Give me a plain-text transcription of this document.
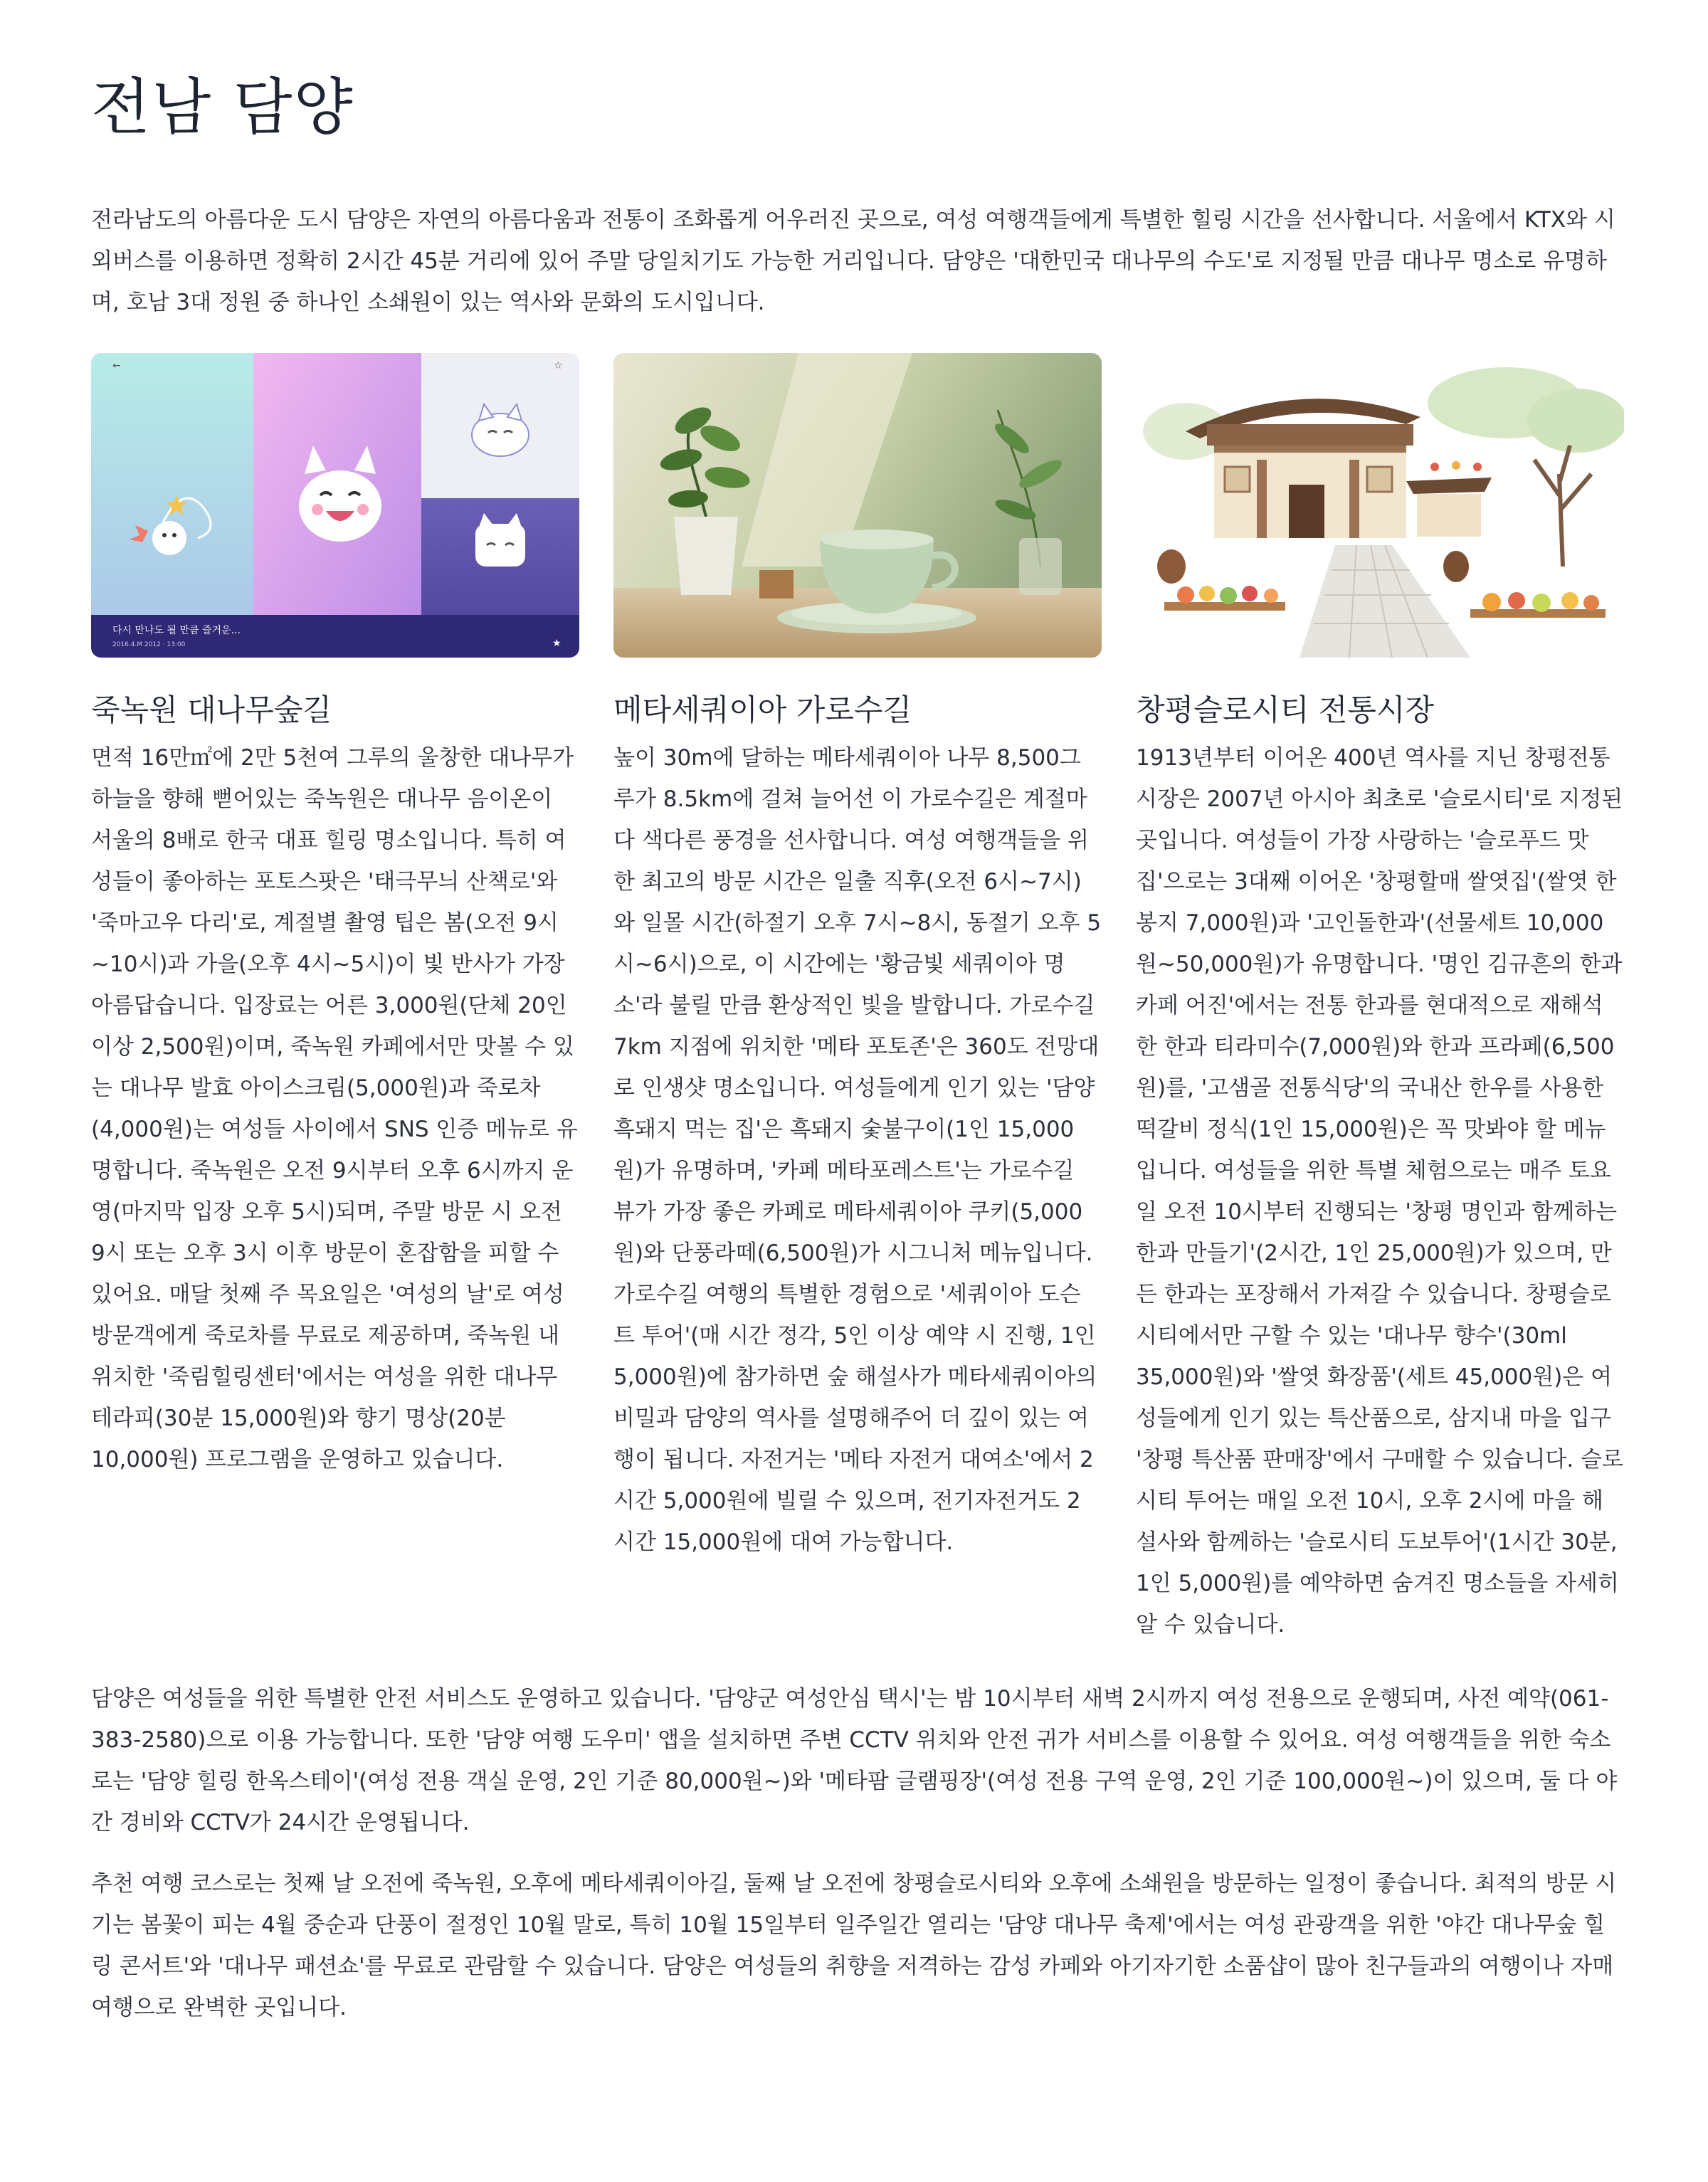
전남 담양

전라남도의 아름다운 도시 담양은 자연의 아름다움과 전통이 조화롭게 어우러진 곳으로, 여성 여행객들에게 특별한 힐링 시간을 선사합니다. 서울에서 KTX와 시외버스를 이용하면 정확히 2시간 45분 거리에 있어 주말 당일치기도 가능한 거리입니다. 담양은 '대한민국 대나무의 수도'로 지정될 만큼 대나무 명소로 유명하며, 호남 3대 정원 중 하나인 소쇄원이 있는 역사와 문화의 도시입니다.

←	☆
다시 만나도 될 만큼 즐거운...
2016.4.M 2012 · 13:00	★
죽녹원 대나무숲길

면적 16만㎡에 2만 5천여 그루의 울창한 대나무가 하늘을 향해 뻗어있는 죽녹원은 대나무 음이온이 서울의 8배로 한국 대표 힐링 명소입니다. 특히 여성들이 좋아하는 포토스팟은 '태극무늬 산책로'와 '죽마고우 다리'로, 계절별 촬영 팁은 봄(오전 9시~10시)과 가을(오후 4시~5시)이 빛 반사가 가장 아름답습니다. 입장료는 어른 3,000원(단체 20인 이상 2,500원)이며, 죽녹원 카페에서만 맛볼 수 있는 대나무 발효 아이스크림(5,000원)과 죽로차(4,000원)는 여성들 사이에서 SNS 인증 메뉴로 유명합니다. 죽녹원은 오전 9시부터 오후 6시까지 운영(마지막 입장 오후 5시)되며, 주말 방문 시 오전 9시 또는 오후 3시 이후 방문이 혼잡함을 피할 수 있어요. 매달 첫째 주 목요일은 '여성의 날'로 여성 방문객에게 죽로차를 무료로 제공하며, 죽녹원 내 위치한 '죽림힐링센터'에서는 여성을 위한 대나무 테라피(30분 15,000원)와 향기 명상(20분 10,000원) 프로그램을 운영하고 있습니다.

메타세쿼이아 가로수길

높이 30m에 달하는 메타세쿼이아 나무 8,500그루가 8.5km에 걸쳐 늘어선 이 가로수길은 계절마다 색다른 풍경을 선사합니다. 여성 여행객들을 위한 최고의 방문 시간은 일출 직후(오전 6시~7시)와 일몰 시간(하절기 오후 7시~8시, 동절기 오후 5시~6시)으로, 이 시간에는 '황금빛 세쿼이아 명소'라 불릴 만큼 환상적인 빛을 발합니다. 가로수길 7km 지점에 위치한 '메타 포토존'은 360도 전망대로 인생샷 명소입니다. 여성들에게 인기 있는 '담양 흑돼지 먹는 집'은 흑돼지 숯불구이(1인 15,000원)가 유명하며, '카페 메타포레스트'는 가로수길 뷰가 가장 좋은 카페로 메타세쿼이아 쿠키(5,000원)와 단풍라떼(6,500원)가 시그니처 메뉴입니다. 가로수길 여행의 특별한 경험으로 '세쿼이아 도슨트 투어'(매 시간 정각, 5인 이상 예약 시 진행, 1인 5,000원)에 참가하면 숲 해설사가 메타세쿼이아의 비밀과 담양의 역사를 설명해주어 더 깊이 있는 여행이 됩니다. 자전거는 '메타 자전거 대여소'에서 2시간 5,000원에 빌릴 수 있으며, 전기자전거도 2시간 15,000원에 대여 가능합니다.

창평슬로시티 전통시장

1913년부터 이어온 400년 역사를 지닌 창평전통시장은 2007년 아시아 최초로 '슬로시티'로 지정된 곳입니다. 여성들이 가장 사랑하는 '슬로푸드 맛집'으로는 3대째 이어온 '창평할매 쌀엿집'(쌀엿 한 봉지 7,000원)과 '고인돌한과'(선물세트 10,000원~50,000원)가 유명합니다. '명인 김규흔의 한과카페 어진'에서는 전통 한과를 현대적으로 재해석한 한과 티라미수(7,000원)와 한과 프라페(6,500원)를, '고샘골 전통식당'의 국내산 한우를 사용한 떡갈비 정식(1인 15,000원)은 꼭 맛봐야 할 메뉴입니다. 여성들을 위한 특별 체험으로는 매주 토요일 오전 10시부터 진행되는 '창평 명인과 함께하는 한과 만들기'(2시간, 1인 25,000원)가 있으며, 만든 한과는 포장해서 가져갈 수 있습니다. 창평슬로시티에서만 구할 수 있는 '대나무 향수'(30ml 35,000원)와 '쌀엿 화장품'(세트 45,000원)은 여성들에게 인기 있는 특산품으로, 삼지내 마을 입구 '창평 특산품 판매장'에서 구매할 수 있습니다. 슬로시티 투어는 매일 오전 10시, 오후 2시에 마을 해설사와 함께하는 '슬로시티 도보투어'(1시간 30분, 1인 5,000원)를 예약하면 숨겨진 명소들을 자세히 알 수 있습니다.

담양은 여성들을 위한 특별한 안전 서비스도 운영하고 있습니다. '담양군 여성안심 택시'는 밤 10시부터 새벽 2시까지 여성 전용으로 운행되며, 사전 예약(061-383-2580)으로 이용 가능합니다. 또한 '담양 여행 도우미' 앱을 설치하면 주변 CCTV 위치와 안전 귀가 서비스를 이용할 수 있어요. 여성 여행객들을 위한 숙소로는 '담양 힐링 한옥스테이'(여성 전용 객실 운영, 2인 기준 80,000원~)와 '메타팜 글램핑장'(여성 전용 구역 운영, 2인 기준 100,000원~)이 있으며, 둘 다 야간 경비와 CCTV가 24시간 운영됩니다.

추천 여행 코스로는 첫째 날 오전에 죽녹원, 오후에 메타세쿼이아길, 둘째 날 오전에 창평슬로시티와 오후에 소쇄원을 방문하는 일정이 좋습니다. 최적의 방문 시기는 봄꽃이 피는 4월 중순과 단풍이 절정인 10월 말로, 특히 10월 15일부터 일주일간 열리는 '담양 대나무 축제'에서는 여성 관광객을 위한 '야간 대나무숲 힐링 콘서트'와 '대나무 패션쇼'를 무료로 관람할 수 있습니다. 담양은 여성들의 취향을 저격하는 감성 카페와 아기자기한 소품샵이 많아 친구들과의 여행이나 자매 여행으로 완벽한 곳입니다.
